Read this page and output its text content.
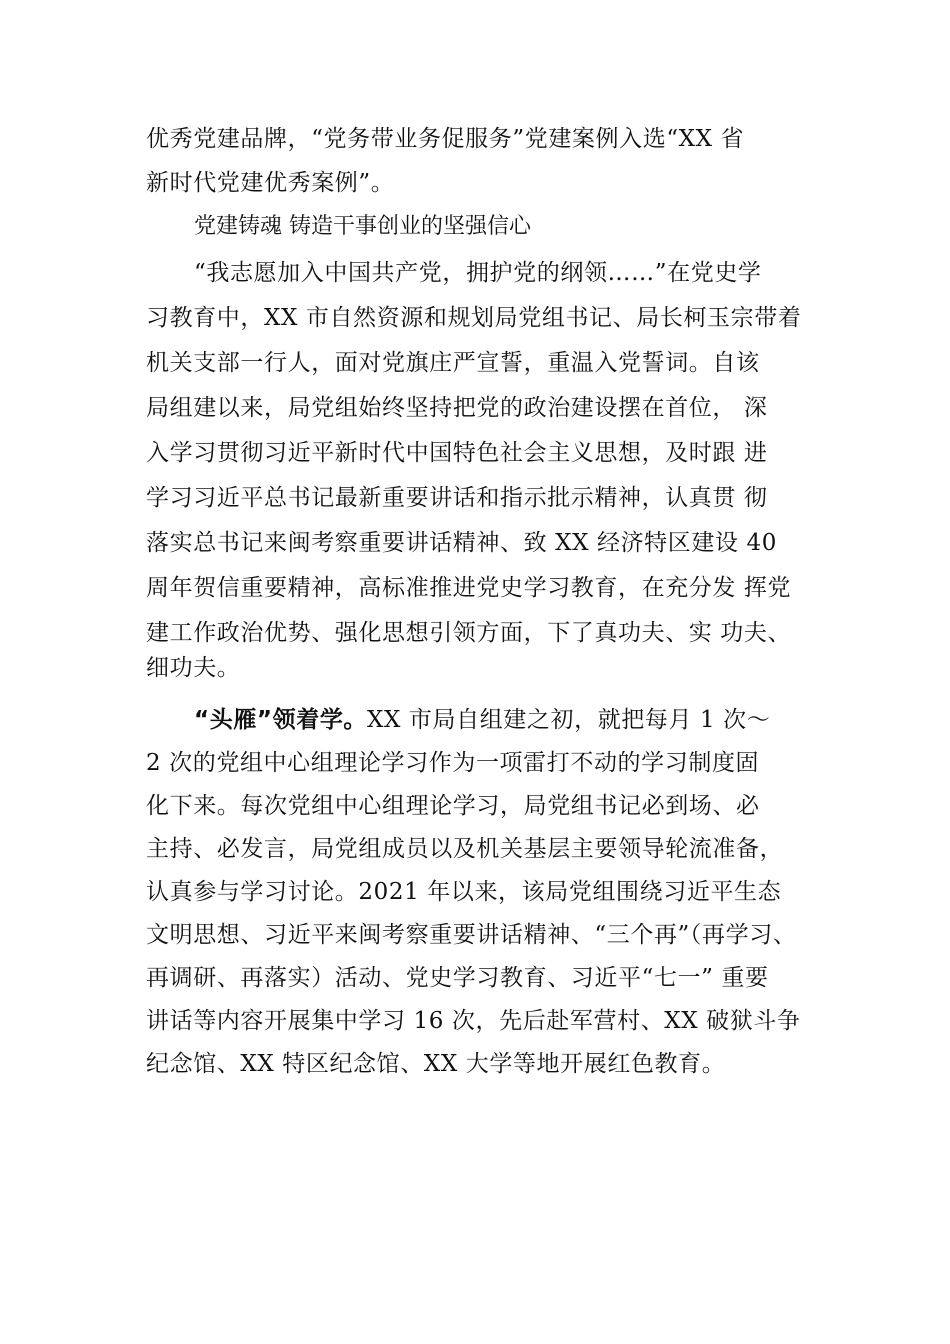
优秀党建品牌，“党务带业务促服务”党建案例入选“XX 省
新时代党建优秀案例”。
党建铸魂 铸造干事创业的坚强信心
“我志愿加入中国共产党，拥护党的纲领……”在党史学
习教育中，XX 市自然资源和规划局党组书记、局长柯玉宗带着
机关支部一行人，面对党旗庄严宣誓，重温入党誓词。自该
局组建以来，局党组始终坚持把党的政治建设摆在首位， 深
入学习贯彻习近平新时代中国特色社会主义思想，及时跟 进
学习习近平总书记最新重要讲话和指示批示精神，认真贯 彻
落实总书记来闽考察重要讲话精神、致 XX 经济特区建设 40
周年贺信重要精神，高标准推进党史学习教育，在充分发 挥党
建工作政治优势、强化思想引领方面，下了真功夫、实 功夫、
细功夫。
“头雁”领着学。XX 市局自组建之初，就把每月 1 次～
2 次的党组中心组理论学习作为一项雷打不动的学习制度固
化下来。每次党组中心组理论学习，局党组书记必到场、必
主持、必发言，局党组成员以及机关基层主要领导轮流准备，
认真参与学习讨论。2021 年以来，该局党组围绕习近平生态
文明思想、习近平来闽考察重要讲话精神、“三个再”（再学习、
再调研、再落实）活动、党史学习教育、习近平“七一” 重要
讲话等内容开展集中学习 16 次，先后赴军营村、XX 破狱斗争
纪念馆、XX 特区纪念馆、XX 大学等地开展红色教育。
